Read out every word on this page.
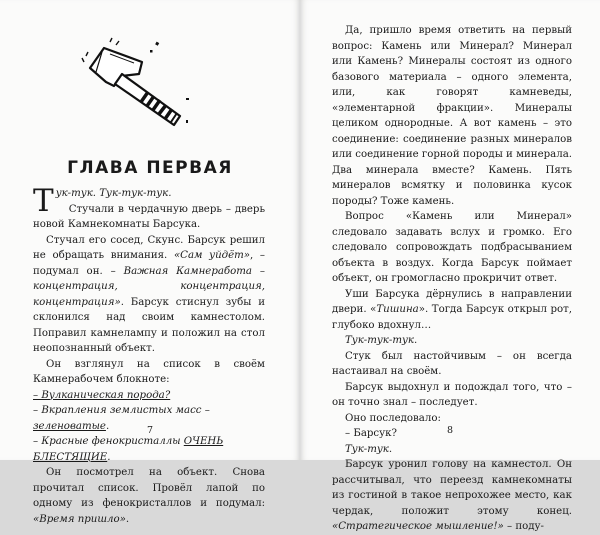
ГЛАВА ПЕРВАЯ

Тук-тук. Тук-тук-тук.

Стучали в чердачную дверь – дверь новой Камнекомнаты Барсука.

Стучал его сосед, Скунс. Барсук решил не обращать внимания. «Сам уйдёт», – подумал он. – Важная Камнеработа – концентрация, концентрация, концентрация». Барсук стиснул зубы и склонился над своим камнестолом. Поправил камнелампу и положил на стол неопознанный объект.

Он взглянул на список в своём Камнерабочем блокноте:

– Вулканическая порода?
– Вкрапления землистых масс – зеленоватые.
– Красные фенокристаллы ОЧЕНЬ БЛЕСТЯЩИЕ.

Он посмотрел на объект. Снова прочитал список. Провёл лапой по одному из фенокристаллов и подумал: «Время пришло».

7

Да, пришло время ответить на первый вопрос: Камень или Минерал? Минерал или Камень? Минералы состоят из одного базового материала – одного элемента, или, как говорят камневеды, «элементарной фракции». Минералы целиком однородные. А вот камень – это соединение: соединение разных минералов или соединение горной породы и минерала. Два минерала вместе? Камень. Пять минералов всмятку и половинка кусок породы? Тоже камень.

Вопрос «Камень или Минерал» следовало задавать вслух и громко. Его следовало сопровождать подбрасыванием объекта в воздух. Когда Барсук поймает объект, он громогласно прокричит ответ.

Уши Барсука дёрнулись в направлении двери. «Тишина». Тогда Барсук открыл рот, глубоко вдохнул…

Тук-тук-тук.

Стук был настойчивым – он всегда настаивал на своём.

Барсук выдохнул и подождал того, что – он точно знал – последует.

Оно последовало:

– Барсук?

Тук-тук.

Барсук уронил голову на камнестол. Он рассчитывал, что переезд камнекомнаты из гостиной в такое непрохожее место, как чердак, положит этому конец. «Стратегическое мышление!» – поду-

8
